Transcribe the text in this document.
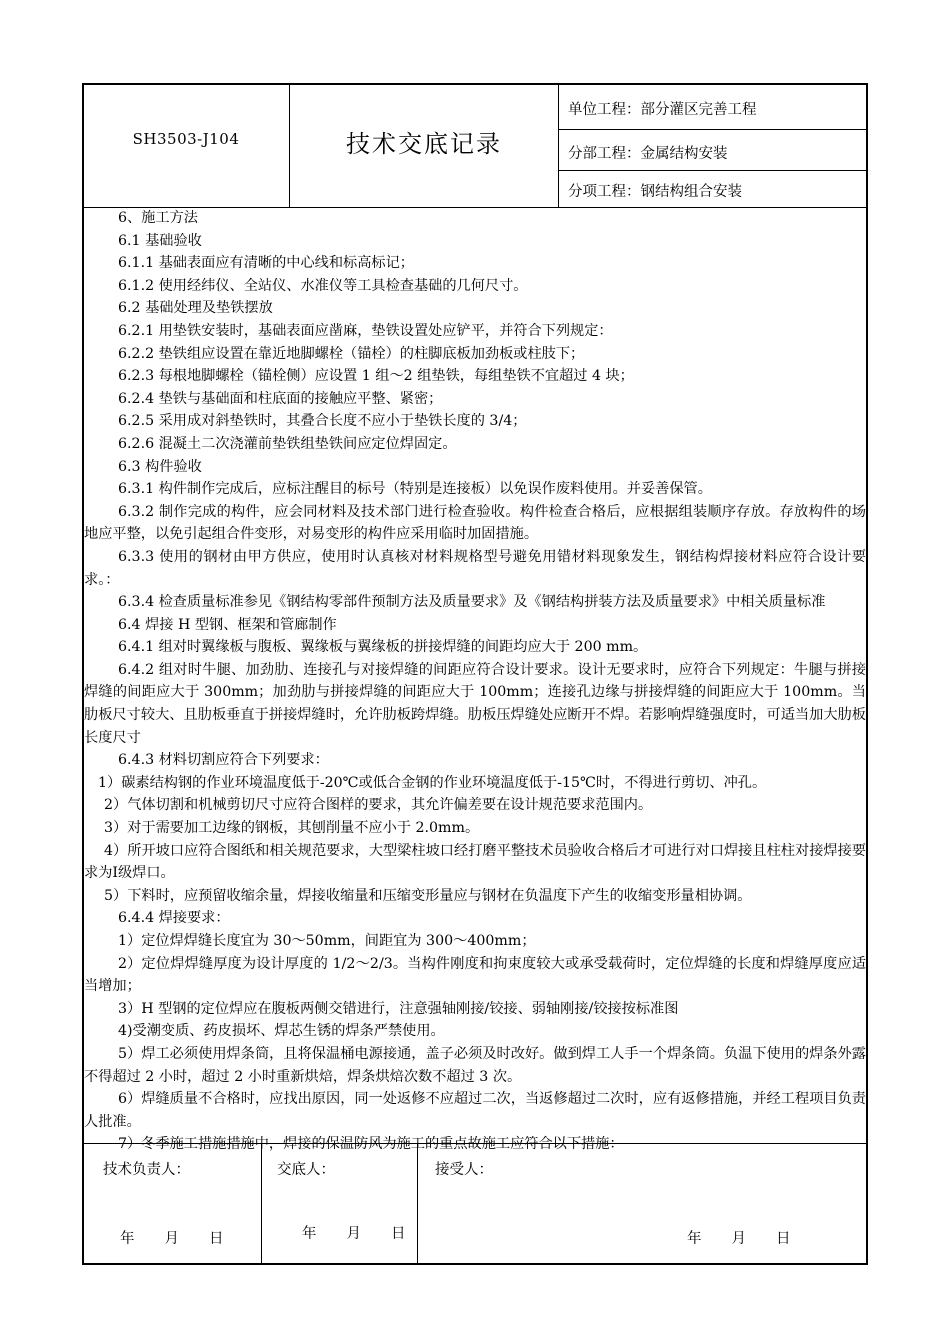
SH3503-J104	技术交底记录
单位工程：部分灌区完善工程
分部工程：金属结构安装
分项工程：钢结构组合安装

6、施工方法

6.1 基础验收

6.1.1 基础表面应有清晰的中心线和标高标记；

6.1.2 使用经纬仪、全站仪、水准仪等工具检查基础的几何尺寸。

6.2 基础处理及垫铁摆放

6.2.1 用垫铁安装时，基础表面应凿麻，垫铁设置处应铲平，并符合下列规定：

6.2.2 垫铁组应设置在靠近地脚螺栓（锚栓）的柱脚底板加劲板或柱肢下；

6.2.3 每根地脚螺栓（锚栓侧）应设置 1 组～2 组垫铁，每组垫铁不宜超过 4 块；

6.2.4 垫铁与基础面和柱底面的接触应平整、紧密；

6.2.5 采用成对斜垫铁时，其叠合长度不应小于垫铁长度的 3/4；

6.2.6 混凝土二次浇灌前垫铁组垫铁间应定位焊固定。

6.3 构件验收

6.3.1 构件制作完成后，应标注醒目的标号（特别是连接板）以免误作废料使用。并妥善保管。

6.3.2 制作完成的构件，应会同材料及技术部门进行检查验收。构件检查合格后，应根据组装顺序存放。存放构件的场地应平整，以免引起组合件变形，对易变形的构件应采用临时加固措施。

6.3.3 使用的钢材由甲方供应，使用时认真核对材料规格型号避免用错材料现象发生，钢结构焊接材料应符合设计要求。：

6.3.4 检查质量标准参见《钢结构零部件预制方法及质量要求》及《钢结构拼装方法及质量要求》中相关质量标准

6.4 焊接 H 型钢、框架和管廊制作

6.4.1 组对时翼缘板与腹板、翼缘板与翼缘板的拼接焊缝的间距均应大于 200 mm。

6.4.2 组对时牛腿、加劲肋、连接孔与对接焊缝的间距应符合设计要求。设计无要求时，应符合下列规定：牛腿与拼接焊缝的间距应大于 300mm；加劲肋与拼接焊缝的间距应大于 100mm；连接孔边缘与拼接焊缝的间距应大于 100mm。当肋板尺寸较大、且肋板垂直于拼接焊缝时，允许肋板跨焊缝。肋板压焊缝处应断开不焊。若影响焊缝强度时，可适当加大肋板长度尺寸

6.4.3 材料切割应符合下列要求：

1）碳素结构钢的作业环境温度低于-20℃或低合金钢的作业环境温度低于-15℃时，不得进行剪切、冲孔。

2）气体切割和机械剪切尺寸应符合图样的要求，其允许偏差要在设计规范要求范围内。

3）对于需要加工边缘的钢板，其刨削量不应小于 2.0mm。

4）所开坡口应符合图纸和相关规范要求，大型梁柱坡口经打磨平整技术员验收合格后才可进行对口焊接且柱柱对接焊接要求为Ⅰ级焊口。

5）下料时，应预留收缩余量，焊接收缩量和压缩变形量应与钢材在负温度下产生的收缩变形量相协调。

6.4.4 焊接要求：

1）定位焊焊缝长度宜为 30～50mm，间距宜为 300～400mm；

2）定位焊焊缝厚度为设计厚度的 1/2～2/3。当构件刚度和拘束度较大或承受载荷时，定位焊缝的长度和焊缝厚度应适当增加；

3）H 型钢的定位焊应在腹板两侧交错进行，注意强轴刚接/铰接、弱轴刚接/铰接按标准图

4)受潮变质、药皮损坏、焊芯生锈的焊条严禁使用。

5）焊工必须使用焊条筒，且将保温桶电源接通，盖子必须及时改好。做到焊工人手一个焊条筒。负温下使用的焊条外露不得超过 2 小时，超过 2 小时重新烘焙，焊条烘焙次数不超过 3 次。

6）焊缝质量不合格时，应找出原因，同一处返修不应超过二次，当返修超过二次时，应有返修措施，并经工程项目负责人批准。

7）冬季施工措施措施中，焊接的保温防风为施工的重点故施工应符合以下措施：

技术负责人：	交底人：	接受人：
年 月 日	年 月 日	年 月 日
